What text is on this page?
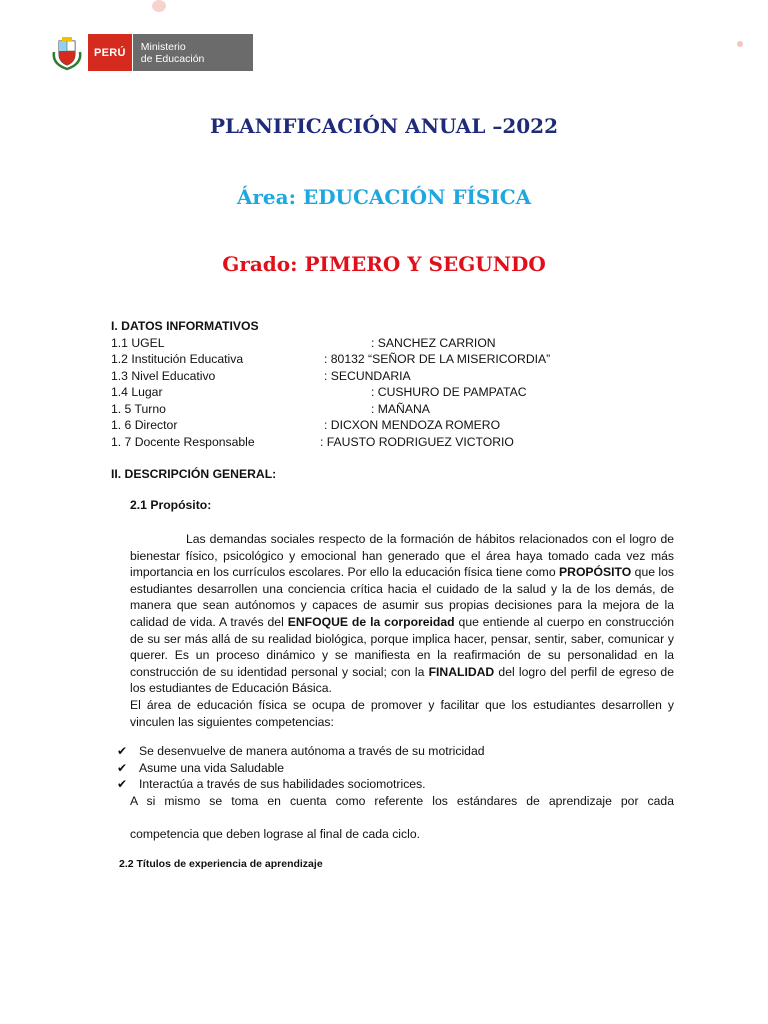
PERÚ	Ministerio
de Educación
PLANIFICACIÓN ANUAL –2022
Área: EDUCACIÓN FÍSICA
Grado: PIMERO Y SEGUNDO
I. DATOS INFORMATIVOS
1.1 UGEL	: SANCHEZ CARRION
1.2 Institución Educativa	: 80132 “SEÑOR DE LA MISERICORDIA”
1.3 Nivel Educativo	: SECUNDARIA
1.4 Lugar	: CUSHURO DE PAMPATAC
1. 5 Turno	: MAÑANA
1. 6 Director	: DICXON MENDOZA ROMERO
1. 7 Docente Responsable	: FAUSTO RODRIGUEZ VICTORIO
II. DESCRIPCIÓN GENERAL:
2.1 Propósito:

Las demandas sociales respecto de la formación de hábitos relacionados con el logro de bienestar físico, psicológico y emocional han generado que el área haya tomado cada vez más importancia en los currículos escolares. Por ello la educación física tiene como PROPÓSITO que los estudiantes desarrollen una conciencia crítica hacia el cuidado de la salud y la de los demás, de manera que sean autónomos y capaces de asumir sus propias decisiones para la mejora de la calidad de vida. A través del ENFOQUE de la corporeidad que entiende al cuerpo en construcción de su ser más allá de su realidad biológica, porque implica hacer, pensar, sentir, saber, comunicar y querer. Es un proceso dinámico y se manifiesta en la reafirmación de su personalidad en la construcción de su identidad personal y social; con la FINALIDAD del logro del perfil de egreso de los estudiantes de Educación Básica.

El área de educación física se ocupa de promover y facilitar que los estudiantes desarrollen y vinculen las siguientes competencias:

✔ Se desenvuelve de manera autónoma a través de su motricidad
✔ Asume una vida Saludable
✔ Interactúa a través de sus habilidades sociomotrices.
A si mismo se toma en cuenta como referente los estándares de aprendizaje por cada
competencia que deben lograse al final de cada ciclo.
2.2 Títulos de experiencia de aprendizaje
